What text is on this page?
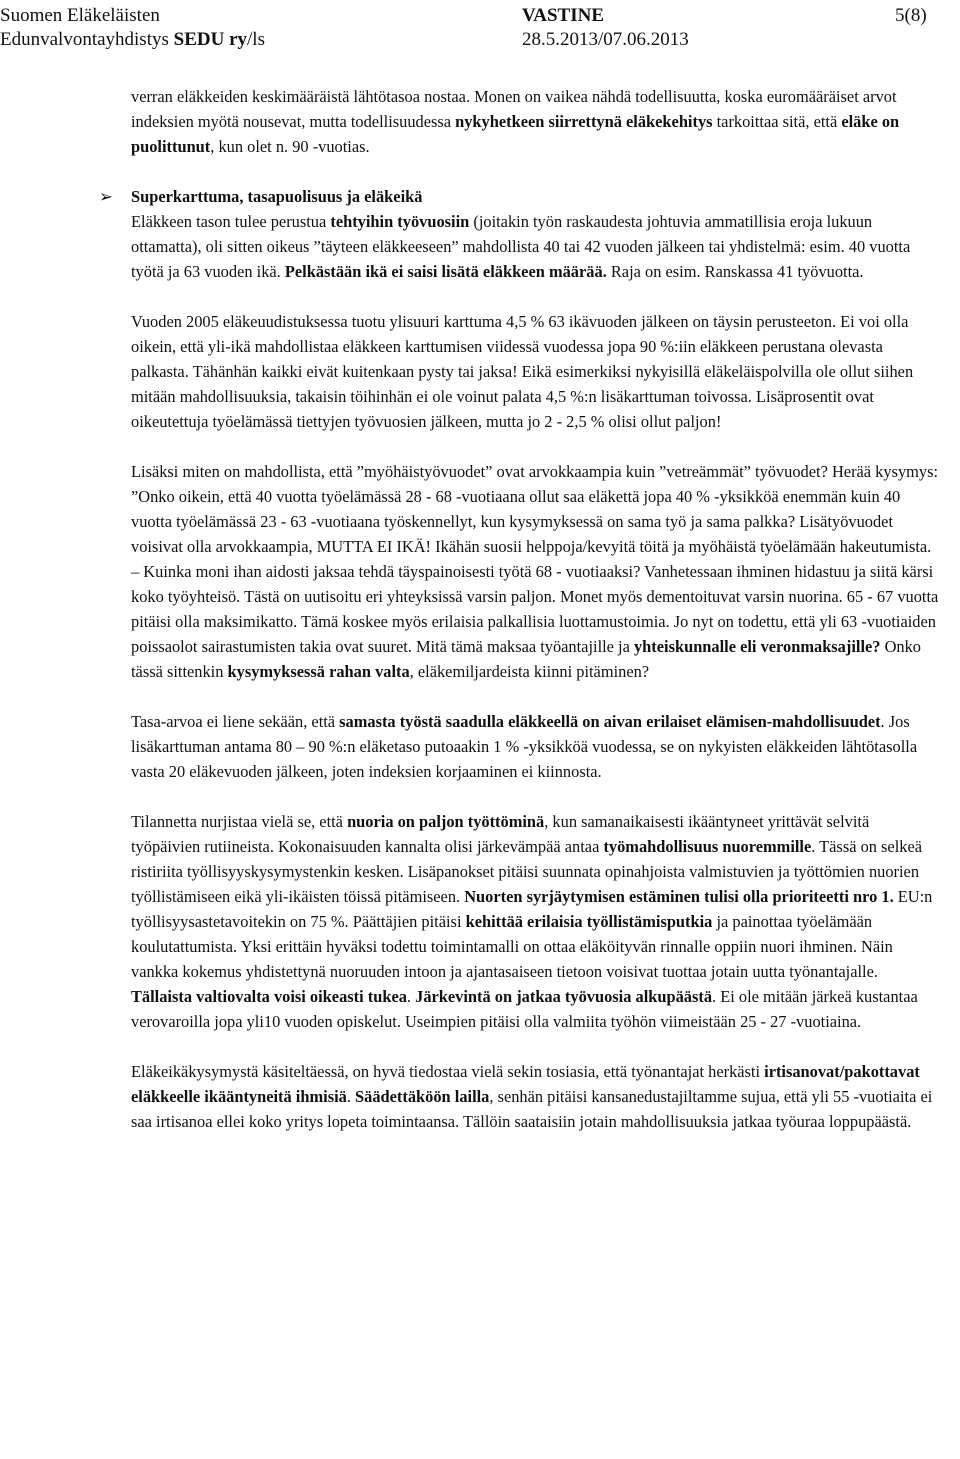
Suomen Eläkeläisten
Edunvalvontayhdistys SEDU ry/ls
VASTINE
28.5.2013/07.06.2013
5(8)

verran eläkkeiden keskimääräistä lähtötasoa nostaa. Monen on vaikea nähdä todellisuutta, koska euromääräiset arvot indeksien myötä nousevat, mutta todellisuudessa nykyhetkeen siirrettynä eläkekehitys tarkoittaa sitä, että eläke on puolittunut, kun olet n. 90 -vuotias.

➢ Superkarttuma, tasapuolisuus ja eläkeikä

Eläkkeen tason tulee perustua tehtyihin työvuosiin (joitakin työn raskaudesta johtuvia ammatillisia eroja lukuun ottamatta), oli sitten oikeus ”täyteen eläkkeeseen” mahdollista 40 tai 42 vuoden jälkeen tai yhdistelmä: esim. 40 vuotta työtä ja 63 vuoden ikä. Pelkästään ikä ei saisi lisätä eläkkeen määrää. Raja on esim. Ranskassa 41 työvuotta.

Vuoden 2005 eläkeuudistuksessa tuotu ylisuuri karttuma 4,5 % 63 ikävuoden jälkeen on täysin perusteeton. Ei voi olla oikein, että yli-ikä mahdollistaa eläkkeen karttumisen viidessä vuodessa jopa 90 %:iin eläkkeen perustana olevasta palkasta. Tähänhän kaikki eivät kuitenkaan pysty tai jaksa! Eikä esimerkiksi nykyisillä eläkeläispolvilla ole ollut siihen mitään mahdollisuuksia, takaisin töihinhän ei ole voinut palata 4,5 %:n lisäkarttuman toivossa. Lisäprosentit ovat oikeutettuja työelämässä tiettyjen työvuosien jälkeen, mutta jo 2 - 2,5 % olisi ollut paljon!

Lisäksi miten on mahdollista, että ”myöhäistyövuodet” ovat arvokkaampia kuin ”vetreämmät” työvuodet? Herää kysymys: ”Onko oikein, että 40 vuotta työelämässä 28 - 68 -vuotiaana ollut saa eläkettä jopa 40 % -yksikköä enemmän kuin 40 vuotta työelämässä 23 - 63 -vuotiaana työskennellyt, kun kysymyksessä on sama työ ja sama palkka? Lisätyövuodet voisivat olla arvokkaampia, MUTTA EI IKÄ! Ikähän suosii helppoja/kevyitä töitä ja myöhäistä työelämään hakeutumista. – Kuinka moni ihan aidosti jaksaa tehdä täyspainoisesti työtä 68 - vuotiaaksi? Vanhetessaan ihminen hidastuu ja siitä kärsi koko työyhteisö. Tästä on uutisoitu eri yhteyksissä varsin paljon. Monet myös dementoituvat varsin nuorina. 65 - 67 vuotta pitäisi olla maksimikatto. Tämä koskee myös erilaisia palkallisia luottamustoimia. Jo nyt on todettu, että yli 63 -vuotiaiden poissaolot sairastumisten takia ovat suuret. Mitä tämä maksaa työantajille ja yhteiskunnalle eli veronmaksajille? Onko tässä sittenkin kysymyksessä rahan valta, eläkemiljardeista kiinni pitäminen?

Tasa-arvoa ei liene sekään, että samasta työstä saadulla eläkkeellä on aivan erilaiset elämisen-mahdollisuudet. Jos lisäkarttuman antama 80 – 90 %:n eläketaso putoaakin 1 % -yksikköä vuodessa, se on nykyisten eläkkeiden lähtötasolla vasta 20 eläkevuoden jälkeen, joten indeksien korjaaminen ei kiinnosta.

Tilannetta nurjistaa vielä se, että nuoria on paljon työttöminä, kun samanaikaisesti ikääntyneet yrittävät selvitä työpäivien rutiineista. Kokonaisuuden kannalta olisi järkevämpää antaa työmahdollisuus nuoremmille. Tässä on selkeä ristiriita työllisyyskysymystenkin kesken. Lisäpanokset pitäisi suunnata opinahjoista valmistuvien ja työttömien nuorien työllistämiseen eikä yli-ikäisten töissä pitämiseen. Nuorten syrjäytymisen estäminen tulisi olla prioriteetti nro 1. EU:n työllisyysastetavoitekin on 75 %. Päättäjien pitäisi kehittää erilaisia työllistämisputkia ja painottaa työelämään koulutattumista. Yksi erittäin hyväksi todettu toimintamalli on ottaa eläköityvän rinnalle oppiin nuori ihminen. Näin vankka kokemus yhdistettynä nuoruuden intoon ja ajantasaiseen tietoon voisivat tuottaa jotain uutta työnantajalle. Tällaista valtiovalta voisi oikeasti tukea. Järkevintä on jatkaa työvuosia alkupäästä. Ei ole mitään järkeä kustantaa verovaroilla jopa yli10 vuoden opiskelut. Useimpien pitäisi olla valmiita työhön viimeistään 25 - 27 -vuotiaina.

Eläkeikäkysymystä käsiteltäessä, on hyvä tiedostaa vielä sekin tosiasia, että työnantajat herkästi irtisanovat/pakottavat eläkkeelle ikääntyneitä ihmisiä. Säädettäköön lailla, senhän pitäisi kansanedustajiltamme sujua, että yli 55 -vuotiaita ei saa irtisanoa ellei koko yritys lopeta toimintaansa. Tällöin saataisiin jotain mahdollisuuksia jatkaa työuraa loppupäästä.
